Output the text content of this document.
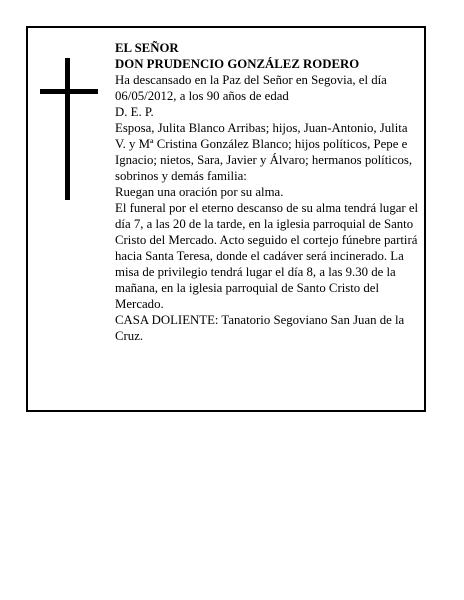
EL SEÑOR

DON PRUDENCIO GONZÁLEZ RODERO

Ha descansado en la Paz del Señor en Segovia, el día 06/05/2012, a los 90 años de edad

D. E. P.

Esposa, Julita Blanco Arribas; hijos, Juan-Antonio, Julita V. y Mª Cristina González Blanco; hijos políticos, Pepe e Ignacio; nietos, Sara, Javier y Álvaro; hermanos políticos, sobrinos y demás familia:

Ruegan una oración por su alma.

El funeral por el eterno descanso de su alma tendrá lugar el día 7, a las 20 de la tarde, en la iglesia parroquial de Santo Cristo del Mercado. Acto seguido el cortejo fúnebre partirá hacia Santa Teresa, donde el cadáver será incinerado. La misa de privilegio tendrá lugar el día 8, a las 9.30 de la mañana, en la iglesia parroquial de Santo Cristo del Mercado.

CASA DOLIENTE: Tanatorio Segoviano San Juan de la Cruz.
